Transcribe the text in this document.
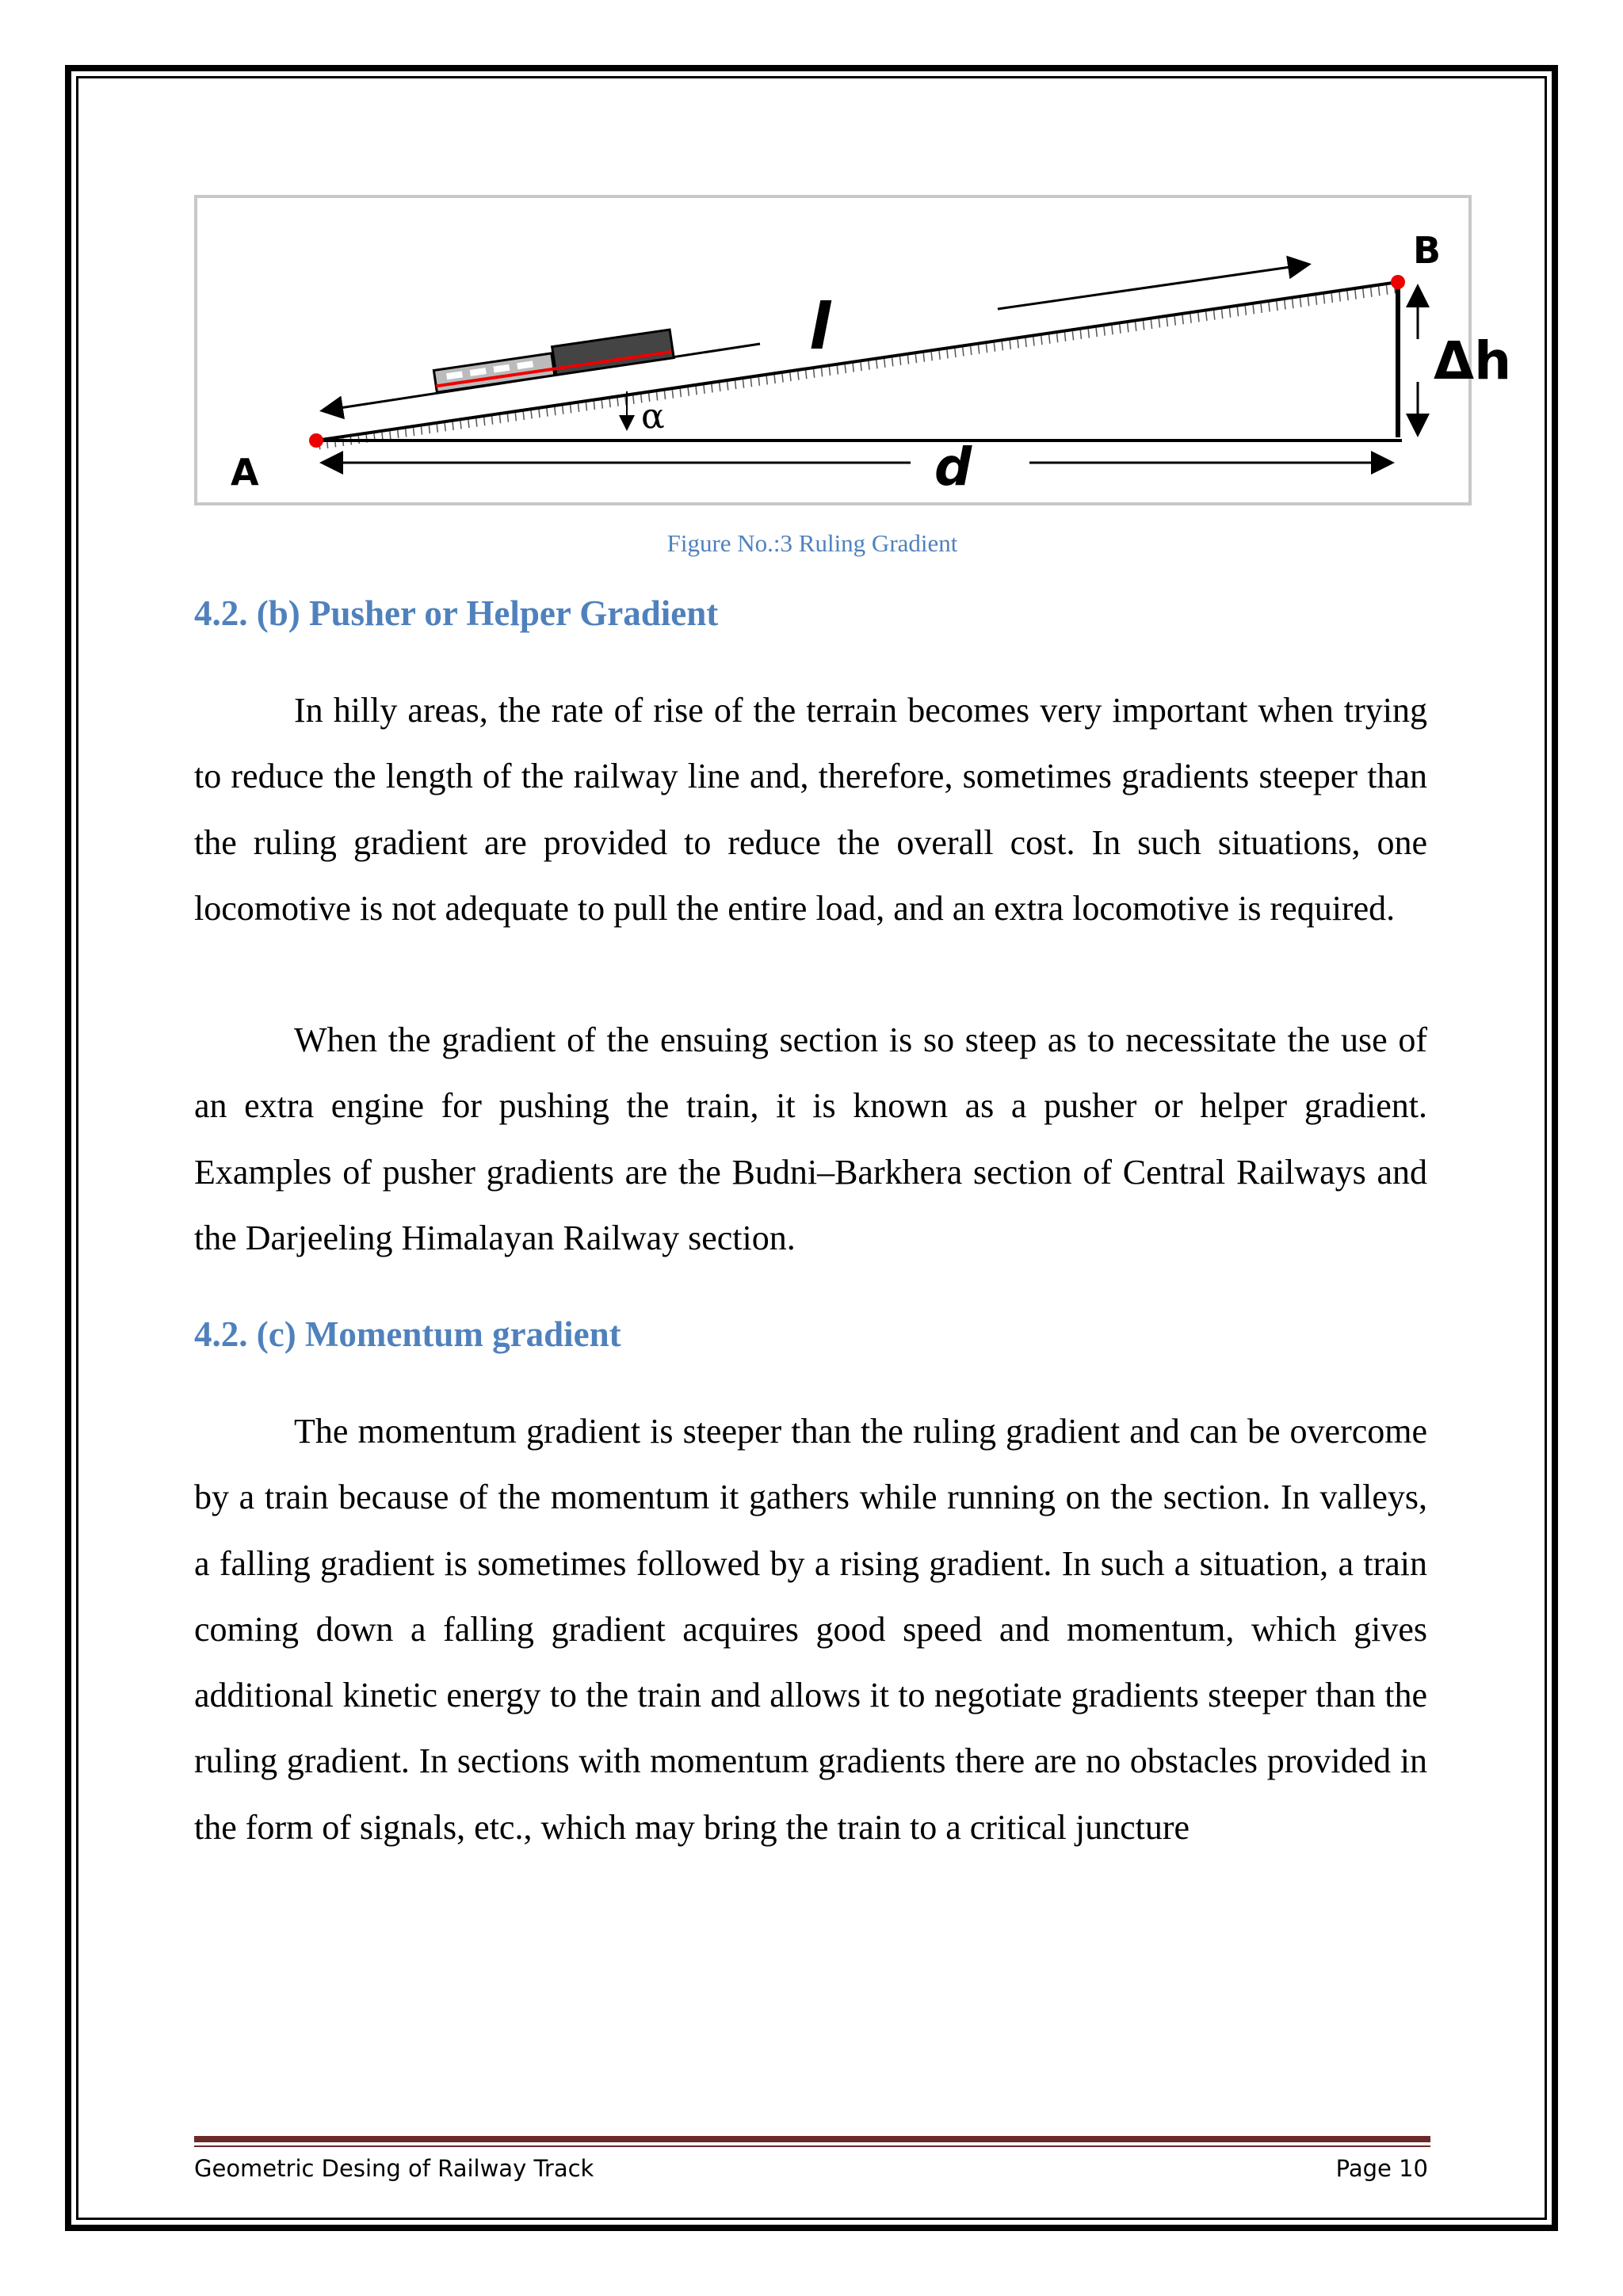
A
B
l
d
Δh
α
Figure No.:3 Ruling Gradient
4.2. (b) Pusher or Helper Gradient

In hilly areas, the rate of rise of the terrain becomes very important when trying to reduce the length of the railway line and, therefore, sometimes gradients steeper than the ruling gradient are provided to reduce the overall cost. In such situations, one locomotive is not adequate to pull the entire load, and an extra locomotive is required.

When the gradient of the ensuing section is so steep as to necessitate the use of an extra engine for pushing the train, it is known as a pusher or helper gradient. Examples of pusher gradients are the Budni–Barkhera section of Central Railways and the Darjeeling Himalayan Railway section.

4.2. (c) Momentum gradient

The momentum gradient is steeper than the ruling gradient and can be overcome by a train because of the momentum it gathers while running on the section. In valleys, a falling gradient is sometimes followed by a rising gradient. In such a situation, a train coming down a falling gradient acquires good speed and momentum, which gives additional kinetic energy to the train and allows it to negotiate gradients steeper than the ruling gradient. In sections with momentum gradients there are no obstacles provided in the form of signals, etc., which may bring the train to a critical juncture

Geometric Desing of Railway Track	Page 10
